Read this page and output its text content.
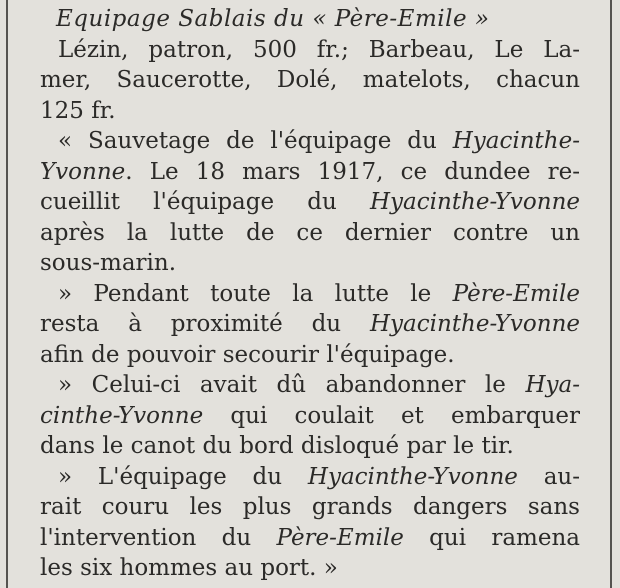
Equipage Sablais du « Père-Emile »
Lézin, patron, 500 fr.; Barbeau, Le La-
mer, Saucerotte, Dolé, matelots, chacun
125 fr.
« Sauvetage de l'équipage du Hyacinthe-
Yvonne. Le 18 mars 1917, ce dundee re-
cueillit l'équipage du Hyacinthe-Yvonne
après la lutte de ce dernier contre un
sous-marin.
» Pendant toute la lutte le Père-Emile
resta à proximité du Hyacinthe-Yvonne
afin de pouvoir secourir l'équipage.
» Celui-ci avait dû abandonner le Hya-
cinthe-Yvonne qui coulait et embarquer
dans le canot du bord disloqué par le tir.
» L'équipage du Hyacinthe-Yvonne au-
rait couru les plus grands dangers sans
l'intervention du Père-Emile qui ramena
les six hommes au port. »
